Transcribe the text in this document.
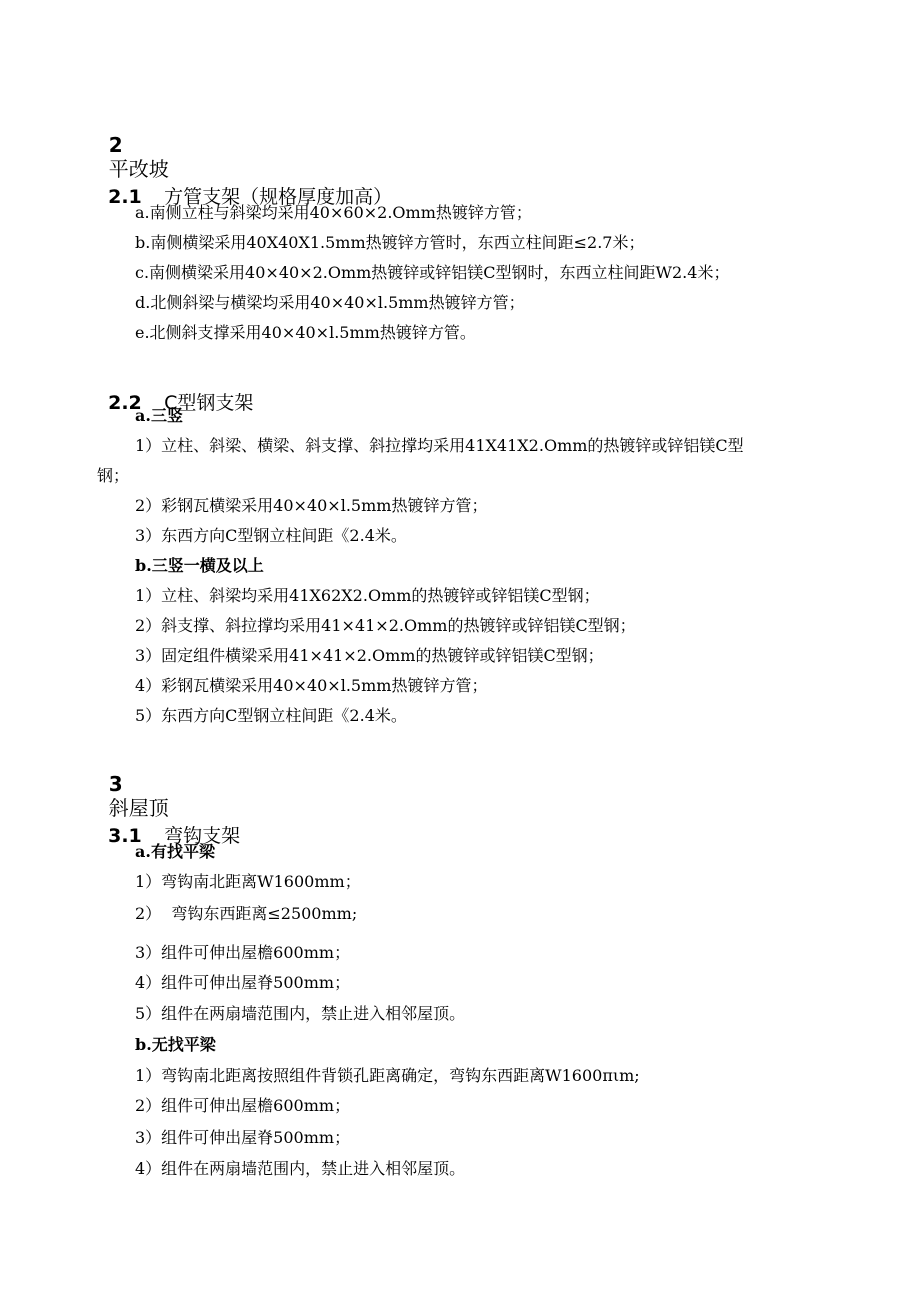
2
平改坡

2.1 方管支架（规格厚度加高）

a.南侧立柱与斜梁均采用40×60×2.Omm热镀锌方管；
b.南侧横梁采用40X40X1.5mm热镀锌方管时，东西立柱间距≤2.7米；
c.南侧横梁采用40×40×2.Omm热镀锌或锌铝镁C型钢时，东西立柱间距W2.4米；
d.北侧斜梁与横梁均采用40×40×l.5mm热镀锌方管；
e.北侧斜支撑采用40×40×l.5mm热镀锌方管。

2.2 C型钢支架

a.三竖
1）立柱、斜梁、横梁、斜支撑、斜拉撑均采用41X41X2.Omm的热镀锌或锌铝镁C型
钢；
2）彩钢瓦横梁采用40×40×l.5mm热镀锌方管；
3）东西方向C型钢立柱间距《2.4米。
b.三竖一横及以上
1）立柱、斜梁均采用41X62X2.Omm的热镀锌或锌铝镁C型钢；
2）斜支撑、斜拉撑均采用41×41×2.Omm的热镀锌或锌铝镁C型钢；
3）固定组件横梁采用41×41×2.Omm的热镀锌或锌铝镁C型钢；
4）彩钢瓦横梁采用40×40×l.5mm热镀锌方管；
5）东西方向C型钢立柱间距《2.4米。

3
斜屋顶

3.1 弯钩支架

a.有找平梁
1）弯钩南北距离W1600mm；
2）  弯钩东西距离≤2500mm;
3）组件可伸出屋檐600mm；
4）组件可伸出屋脊500mm；
5）组件在两扇墙范围内，禁止进入相邻屋顶。
b.无找平梁
1）弯钩南北距离按照组件背锁孔距离确定，弯钩东西距离W1600πιm;
2）组件可伸出屋檐600mm；
3）组件可伸出屋脊500mm；
4）组件在两扇墙范围内，禁止进入相邻屋顶。
